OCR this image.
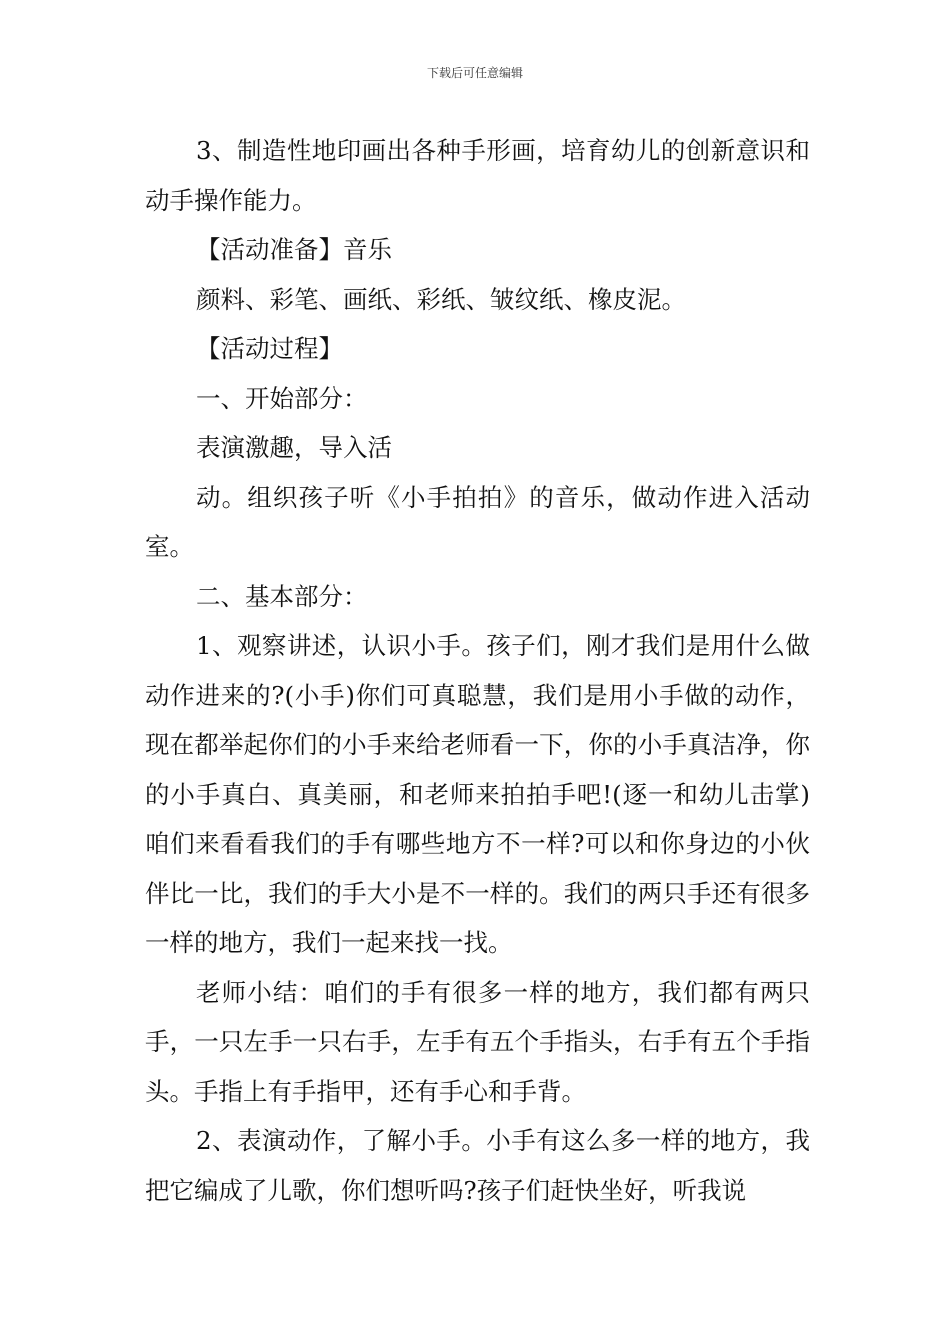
下载后可任意编辑

3、制造性地印画出各种手形画，培育幼儿的创新意识和动手操作能力。

【活动准备】音乐

颜料、彩笔、画纸、彩纸、皱纹纸、橡皮泥。

【活动过程】

一、开始部分：

表演激趣，导入活

动。组织孩子听《小手拍拍》的音乐，做动作进入活动室。

二、基本部分：

1、观察讲述，认识小手。孩子们，刚才我们是用什么做动作进来的?(小手)你们可真聪慧，我们是用小手做的动作，现在都举起你们的小手来给老师看一下，你的小手真洁净，你的小手真白、真美丽，和老师来拍拍手吧!(逐一和幼儿击掌)咱们来看看我们的手有哪些地方不一样?可以和你身边的小伙伴比一比，我们的手大小是不一样的。我们的两只手还有很多一样的地方，我们一起来找一找。

老师小结：咱们的手有很多一样的地方，我们都有两只手，一只左手一只右手，左手有五个手指头，右手有五个手指头。手指上有手指甲，还有手心和手背。

2、表演动作，了解小手。小手有这么多一样的地方，我把它编成了儿歌，你们想听吗?孩子们赶快坐好，听我说
